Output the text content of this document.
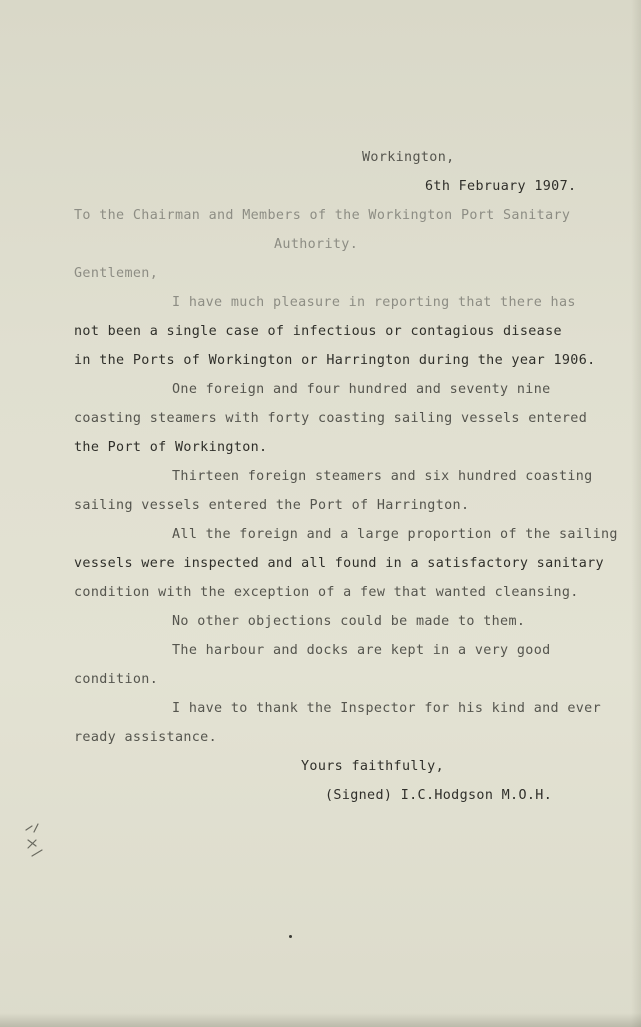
Workington,

6th February 1907.

To the Chairman and Members of the Workington Port Sanitary

Authority.

Gentlemen,

I have much pleasure in reporting that there has

not been a single case of infectious or contagious disease

in the Ports of Workington or Harrington during the year 1906.

One foreign and four hundred and seventy nine

coasting steamers with forty coasting sailing vessels entered

the Port of Workington.

Thirteen foreign steamers and six hundred coasting

sailing vessels entered the Port of Harrington.

All the foreign and a large proportion of the sailing

vessels were inspected and all found in a satisfactory sanitary

condition with the exception of a few that wanted cleansing.

No other objections could be made to them.

The harbour and docks are kept in a very good

condition.

I have to thank the Inspector for his kind and ever

ready assistance.

Yours faithfully,

(Signed) I.C.Hodgson M.O.H.
